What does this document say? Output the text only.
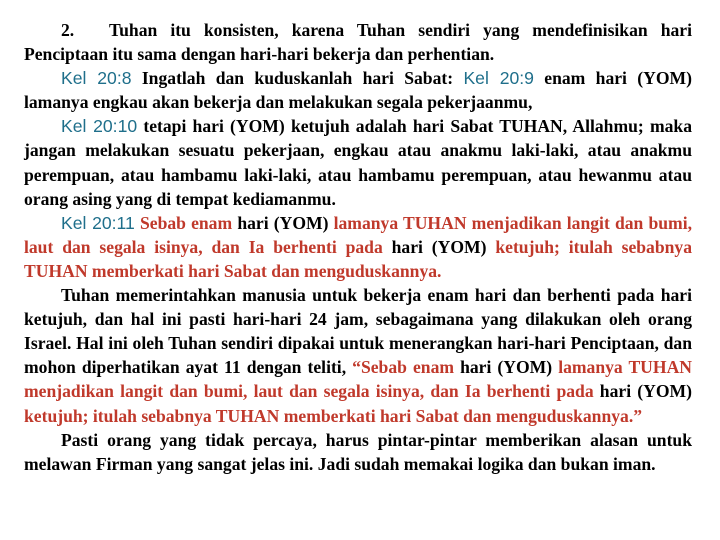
2. Tuhan itu konsisten, karena Tuhan sendiri yang mendefinisikan hari Penciptaan itu sama dengan hari-hari bekerja dan perhentian.

Kel 20:8 Ingatlah dan kuduskanlah hari Sabat: Kel 20:9 enam hari (YOM) lamanya engkau akan bekerja dan melakukan segala pekerjaanmu,

Kel 20:10 tetapi hari (YOM) ketujuh adalah hari Sabat TUHAN, Allahmu; maka jangan melakukan sesuatu pekerjaan, engkau atau anakmu laki-laki, atau anakmu perempuan, atau hambamu laki-laki, atau hambamu perempuan, atau hewanmu atau orang asing yang di tempat kediamanmu.

Kel 20:11 Sebab enam hari (YOM) lamanya TUHAN menjadikan langit dan bumi, laut dan segala isinya, dan Ia berhenti pada hari (YOM) ketujuh; itulah sebabnya TUHAN memberkati hari Sabat dan menguduskannya.

Tuhan memerintahkan manusia untuk bekerja enam hari dan berhenti pada hari ketujuh, dan hal ini pasti hari-hari 24 jam, sebagaimana yang dilakukan oleh orang Israel. Hal ini oleh Tuhan sendiri dipakai untuk menerangkan hari-hari Penciptaan, dan mohon diperhatikan ayat 11 dengan teliti, “Sebab enam hari (YOM) lamanya TUHAN menjadikan langit dan bumi, laut dan segala isinya, dan Ia berhenti pada hari (YOM) ketujuh; itulah sebabnya TUHAN memberkati hari Sabat dan menguduskannya.”

Pasti orang yang tidak percaya, harus pintar-pintar memberikan alasan untuk melawan Firman yang sangat jelas ini. Jadi sudah memakai logika dan bukan iman.
